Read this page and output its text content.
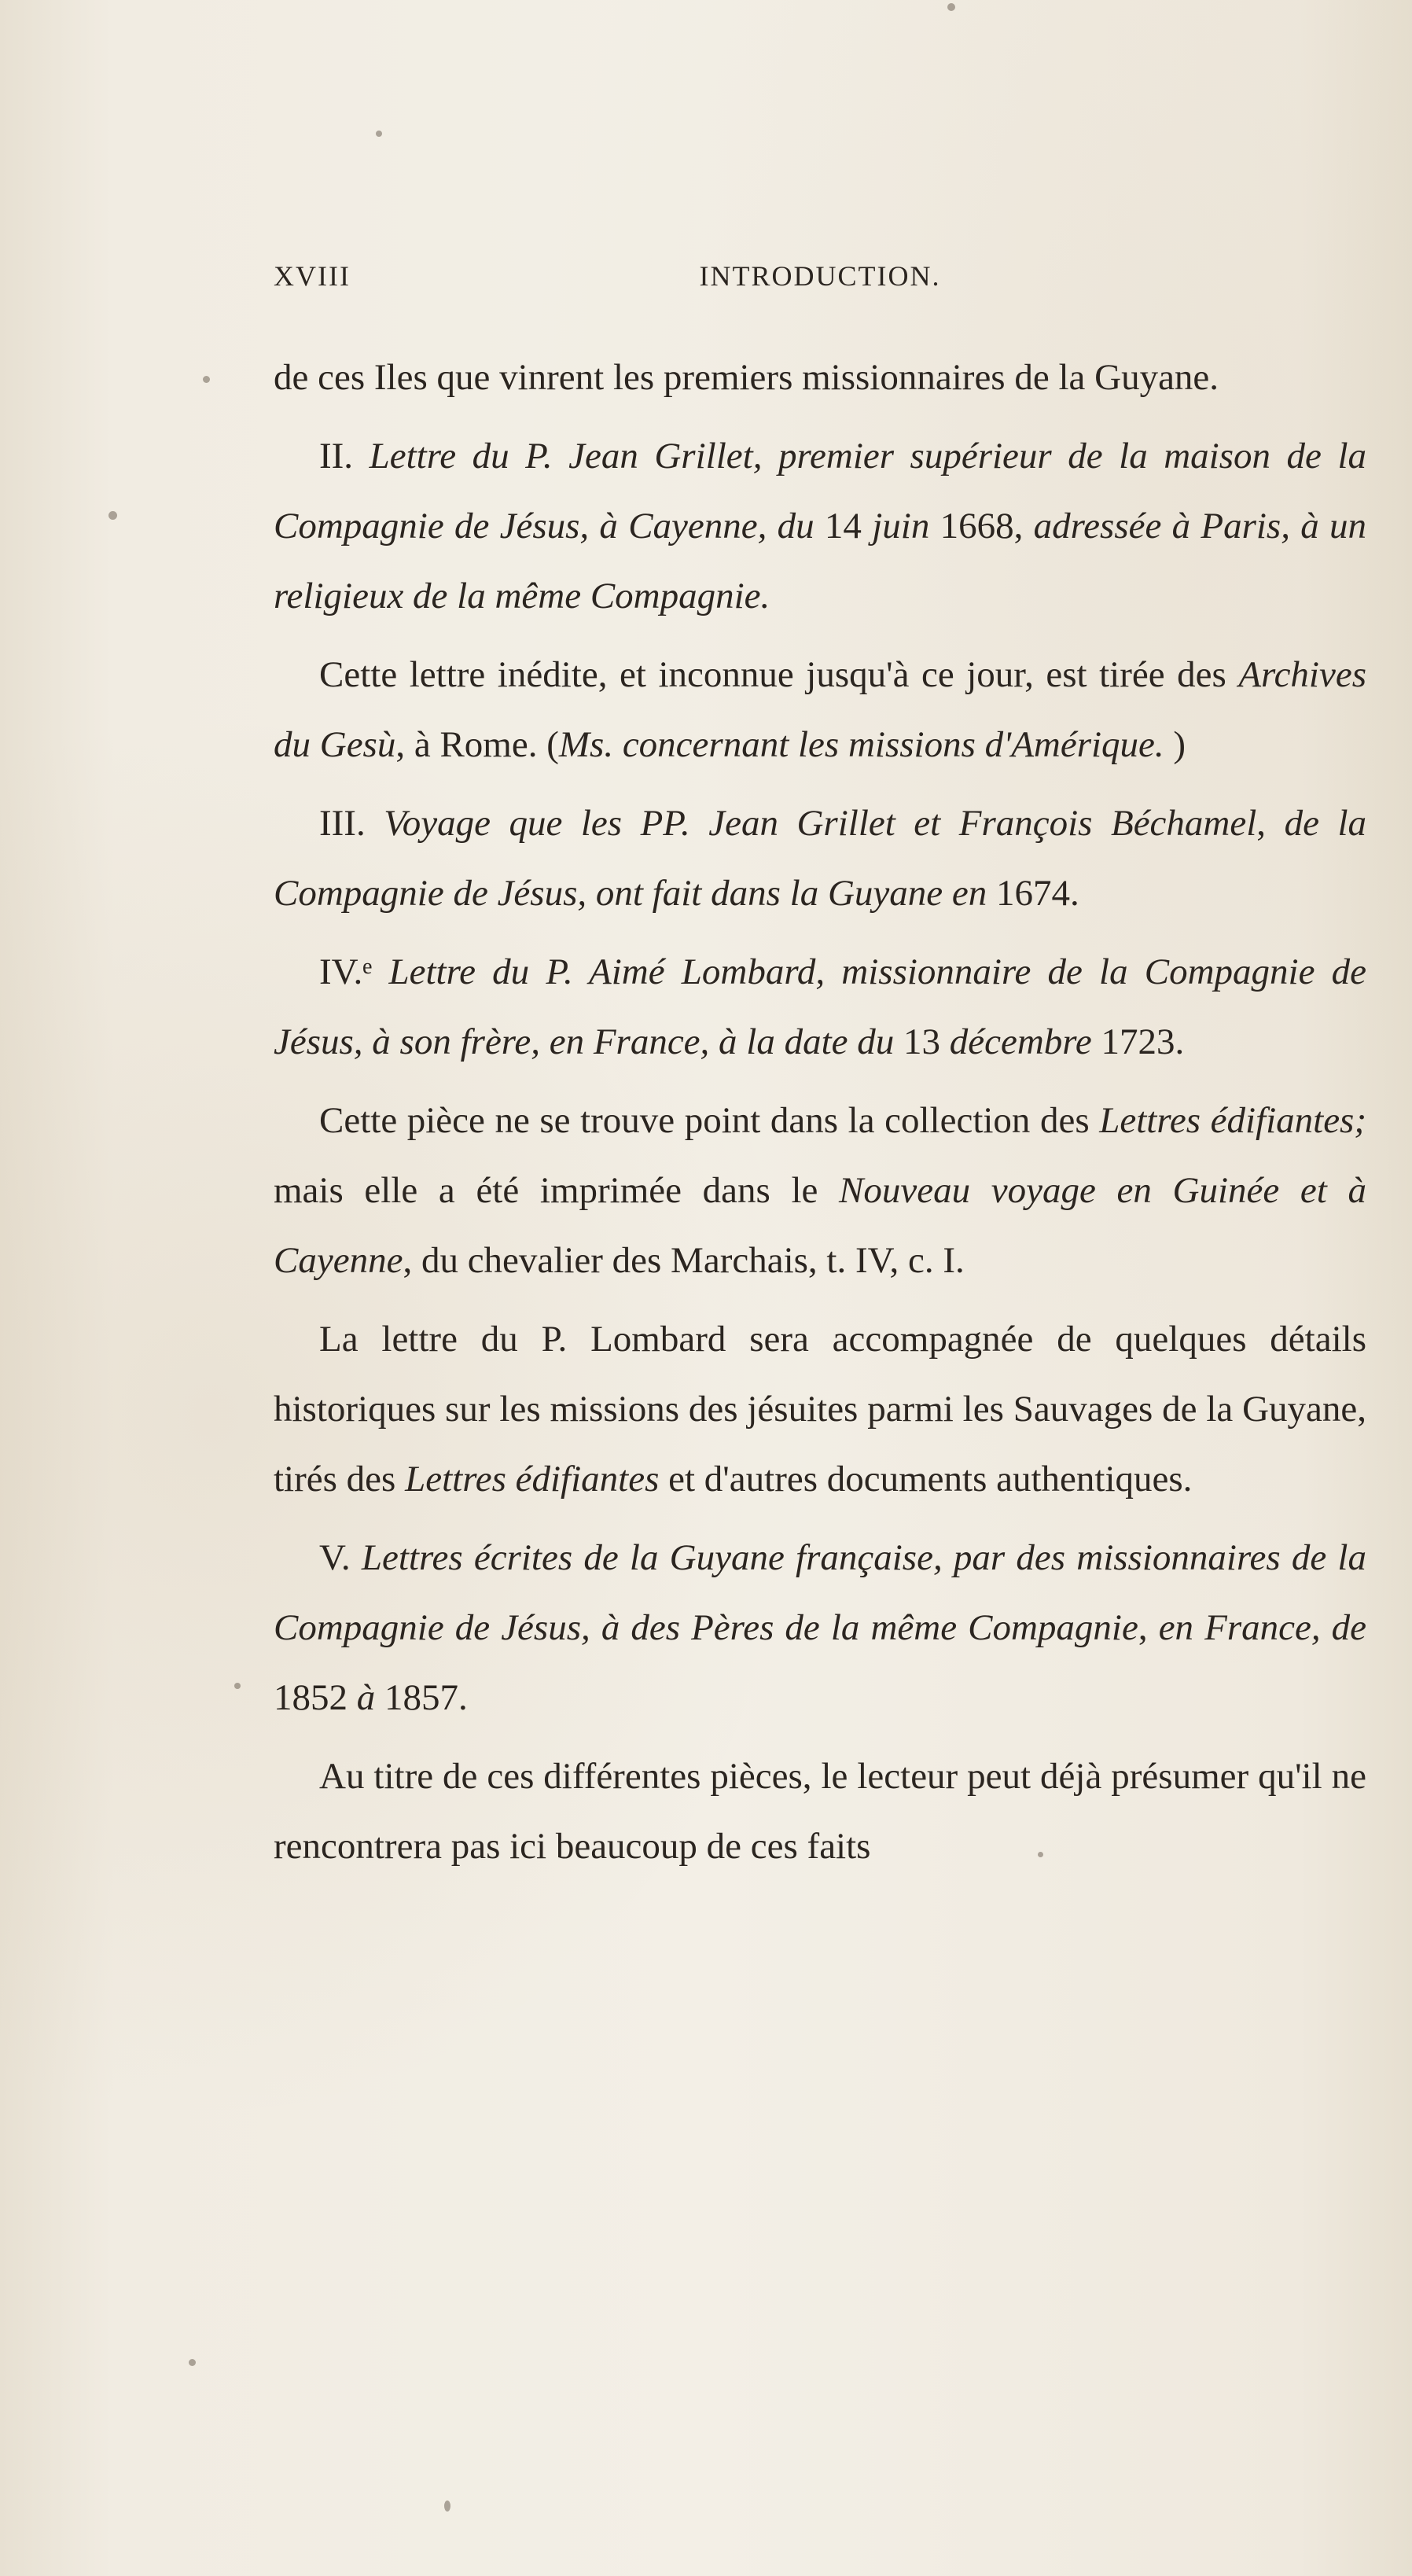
XVIII	INTRODUCTION.

de ces Iles que vinrent les premiers missionnaires de la Guyane.

II. Lettre du P. Jean Grillet, premier supérieur de la maison de la Compagnie de Jésus, à Cayenne, du 14 juin 1668, adressée à Paris, à un religieux de la même Compagnie.

Cette lettre inédite, et inconnue jusqu'à ce jour, est tirée des Archives du Gesù, à Rome. (Ms. concernant les missions d'Amérique. )

III. Voyage que les PP. Jean Grillet et François Béchamel, de la Compagnie de Jésus, ont fait dans la Guyane en 1674.

IV.ᵉ Lettre du P. Aimé Lombard, missionnaire de la Compagnie de Jésus, à son frère, en France, à la date du 13 décembre 1723.

Cette pièce ne se trouve point dans la collection des Lettres édifiantes; mais elle a été imprimée dans le Nouveau voyage en Guinée et à Cayenne, du chevalier des Marchais, t. IV, c. I.

La lettre du P. Lombard sera accompagnée de quelques détails historiques sur les missions des jésuites parmi les Sauvages de la Guyane, tirés des Lettres édifiantes et d'autres documents authentiques.

V. Lettres écrites de la Guyane française, par des missionnaires de la Compagnie de Jésus, à des Pères de la même Compagnie, en France, de 1852 à 1857.

Au titre de ces différentes pièces, le lecteur peut déjà présumer qu'il ne rencontrera pas ici beaucoup de ces faits
